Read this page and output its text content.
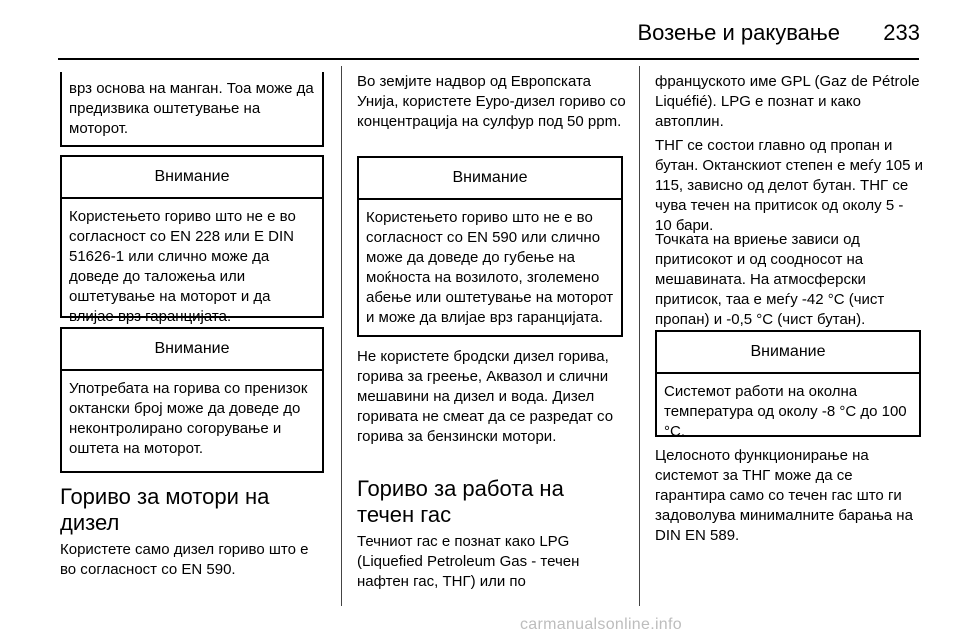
Возење и ракување 233
врз основа на манган. Тоа може да предизвика оштетување на моторот.
Внимание
Користењето гориво што не е во согласност со EN 228 или E DIN 51626-1 или слично може да доведе до таложења или оштетување на моторот и да влијае врз гаранцијата.
Внимание
Употребата на горива со пренизок октански број може да доведе до неконтролирано согорување и оштета на моторот.
Гориво за мотори на дизел

Користете само дизел гориво што е во согласност со EN 590.

Во земјите надвор од Европската Унија, користете Еуро-дизел гориво со концентрација на сулфур под 50 ppm.

Внимание
Користењето гориво што не е во согласност со EN 590 или слично може да доведе до губење на моќноста на возилото, зголемено абење или оштетување на моторот и може да влијае врз гаранцијата.

Не користете бродски дизел горива, горива за греење, Аквазол и слични мешавини на дизел и вода. Дизел горивата не смеат да се разредат со горива за бензински мотори.

Гориво за работа на течен гас

Течниот гас е познат како LPG (Liquefied Petroleum Gas - течен нафтен гас, ТНГ) или по

француското име GPL (Gaz de Pétrole Liquéfié). LPG е познат и како автоплин.

ТНГ се состои главно од пропан и бутан. Октанскиот степен е меѓу 105 и 115, зависно од делот бутан. ТНГ се чува течен на притисок од околу 5 - 10 бари.

Точката на вриење зависи од притисокот и од соодносот на мешавината. На атмосферски притисок, таа е меѓу -42 °C (чист пропан) и -0,5 °C (чист бутан).

Внимание
Системот работи на околна температура од околу -8 °C до 100 °C.

Целосното функционирање на системот за ТНГ може да се гарантира само со течен гас што ги задоволува минималните барања на DIN EN 589.

carmanualsonline.info
